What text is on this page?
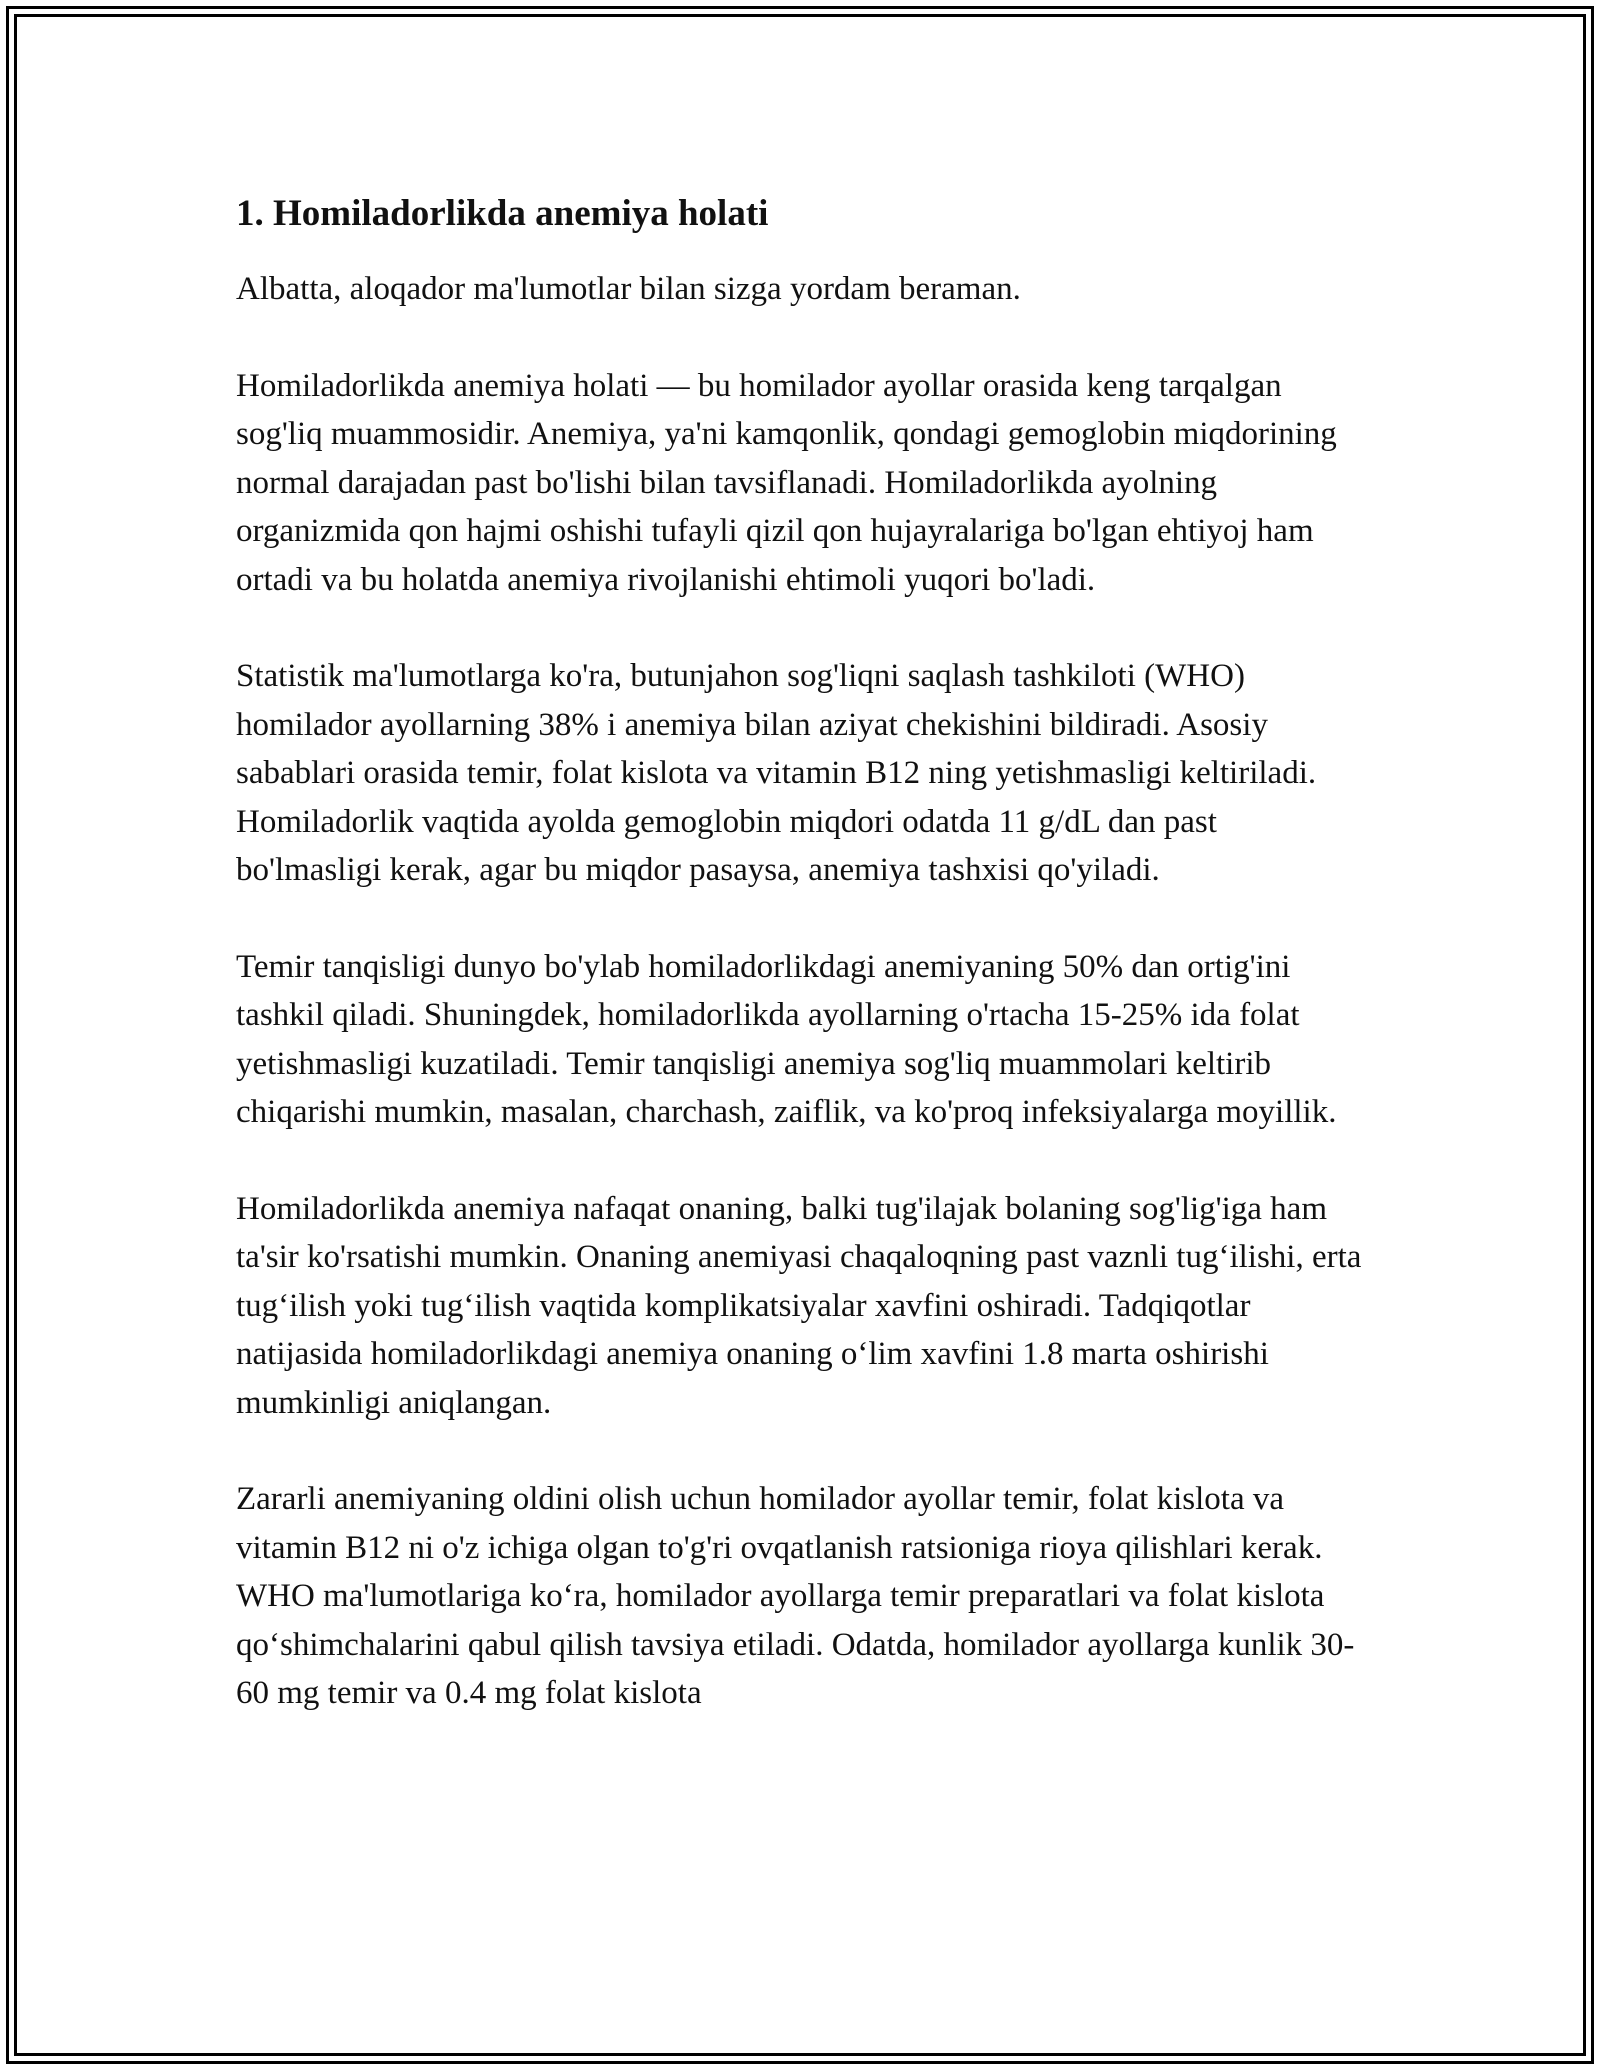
1. Homiladorlikda anemiya holati

Albatta, aloqador ma'lumotlar bilan sizga yordam beraman.

Homiladorlikda anemiya holati — bu homilador ayollar orasida keng tarqalgan sog'liq muammosidir. Anemiya, ya'ni kamqonlik, qondagi gemoglobin miqdorining normal darajadan past bo'lishi bilan tavsiflanadi. Homiladorlikda ayolning organizmida qon hajmi oshishi tufayli qizil qon hujayralariga bo'lgan ehtiyoj ham ortadi va bu holatda anemiya rivojlanishi ehtimoli yuqori bo'ladi.

Statistik ma'lumotlarga ko'ra, butunjahon sog'liqni saqlash tashkiloti (WHO) homilador ayollarning 38% i anemiya bilan aziyat chekishini bildiradi. Asosiy sabablari orasida temir, folat kislota va vitamin B12 ning yetishmasligi keltiriladi. Homiladorlik vaqtida ayolda gemoglobin miqdori odatda 11 g/dL dan past bo'lmasligi kerak, agar bu miqdor pasaysa, anemiya tashxisi qo'yiladi.

Temir tanqisligi dunyo bo'ylab homiladorlikdagi anemiyaning 50% dan ortig'ini tashkil qiladi. Shuningdek, homiladorlikda ayollarning o'rtacha 15-25% ida folat yetishmasligi kuzatiladi. Temir tanqisligi anemiya sog'liq muammolari keltirib chiqarishi mumkin, masalan, charchash, zaiflik, va ko'proq infeksiyalarga moyillik.

Homiladorlikda anemiya nafaqat onaning, balki tug'ilajak bolaning sog'lig'iga ham ta'sir ko'rsatishi mumkin. Onaning anemiyasi chaqaloqning past vaznli tug‘ilishi, erta tug‘ilish yoki tug‘ilish vaqtida komplikatsiyalar xavfini oshiradi. Tadqiqotlar natijasida homiladorlikdagi anemiya onaning o‘lim xavfini 1.8 marta oshirishi mumkinligi aniqlangan.

Zararli anemiyaning oldini olish uchun homilador ayollar temir, folat kislota va vitamin B12 ni o'z ichiga olgan to'g'ri ovqatlanish ratsioniga rioya qilishlari kerak. WHO ma'lumotlariga ko‘ra, homilador ayollarga temir preparatlari va folat kislota qo‘shimchalarini qabul qilish tavsiya etiladi. Odatda, homilador ayollarga kunlik 30-60 mg temir va 0.4 mg folat kislota
